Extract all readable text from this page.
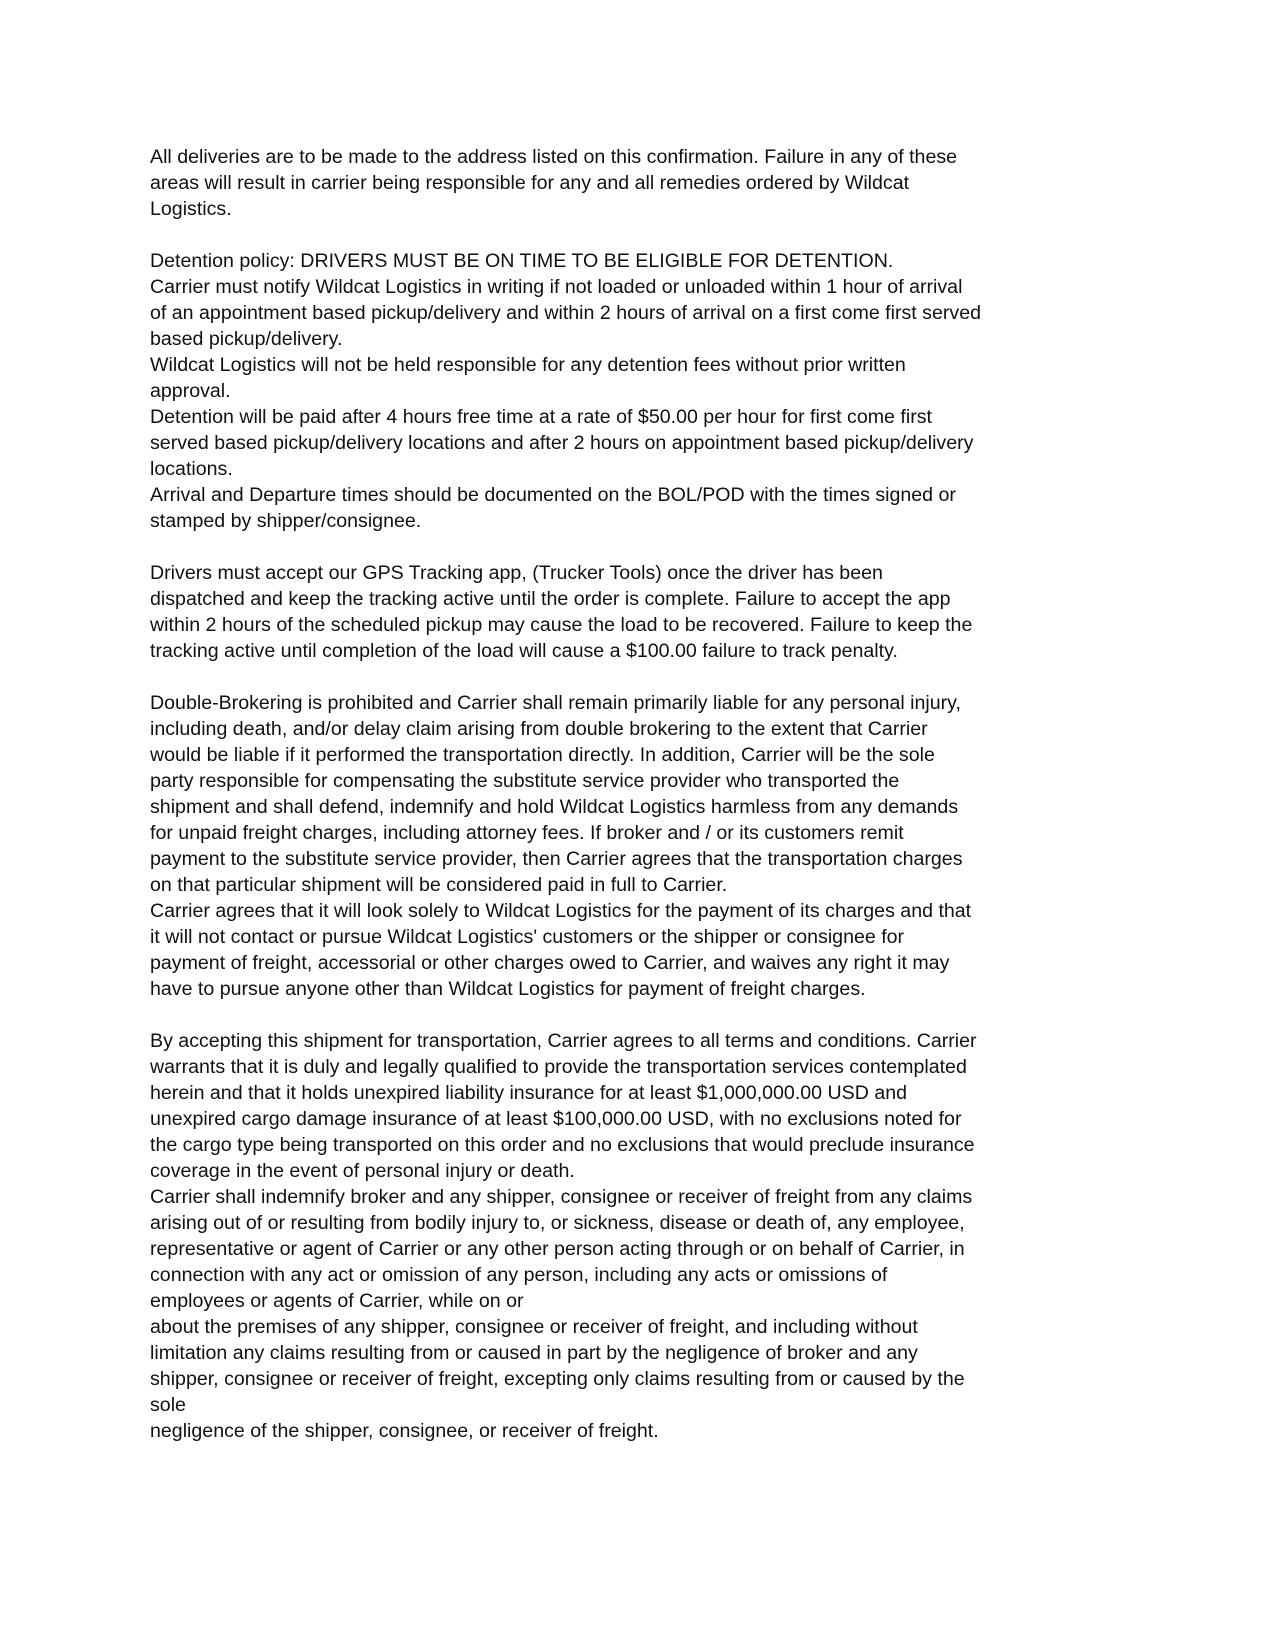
All deliveries are to be made to the address listed on this confirmation. Failure in any of these
areas will result in carrier being responsible for any and all remedies ordered by Wildcat
Logistics.
Detention policy: DRIVERS MUST BE ON TIME TO BE ELIGIBLE FOR DETENTION.
Carrier must notify Wildcat Logistics in writing if not loaded or unloaded within 1 hour of arrival
of an appointment based pickup/delivery and within 2 hours of arrival on a first come first served
based pickup/delivery.
Wildcat Logistics will not be held responsible for any detention fees without prior written
approval.
Detention will be paid after 4 hours free time at a rate of $50.00 per hour for first come first
served based pickup/delivery locations and after 2 hours on appointment based pickup/delivery
locations.
Arrival and Departure times should be documented on the BOL/POD with the times signed or
stamped by shipper/consignee.
Drivers must accept our GPS Tracking app, (Trucker Tools) once the driver has been
dispatched and keep the tracking active until the order is complete. Failure to accept the app
within 2 hours of the scheduled pickup may cause the load to be recovered. Failure to keep the
tracking active until completion of the load will cause a $100.00 failure to track penalty.
Double-Brokering is prohibited and Carrier shall remain primarily liable for any personal injury,
including death, and/or delay claim arising from double brokering to the extent that Carrier
would be liable if it performed the transportation directly. In addition, Carrier will be the sole
party responsible for compensating the substitute service provider who transported the
shipment and shall defend, indemnify and hold Wildcat Logistics harmless from any demands
for unpaid freight charges, including attorney fees. If broker and / or its customers remit
payment to the substitute service provider, then Carrier agrees that the transportation charges
on that particular shipment will be considered paid in full to Carrier.
Carrier agrees that it will look solely to Wildcat Logistics for the payment of its charges and that
it will not contact or pursue Wildcat Logistics' customers or the shipper or consignee for
payment of freight, accessorial or other charges owed to Carrier, and waives any right it may
have to pursue anyone other than Wildcat Logistics for payment of freight charges.
By accepting this shipment for transportation, Carrier agrees to all terms and conditions. Carrier
warrants that it is duly and legally qualified to provide the transportation services contemplated
herein and that it holds unexpired liability insurance for at least $1,000,000.00 USD and
unexpired cargo damage insurance of at least $100,000.00 USD, with no exclusions noted for
the cargo type being transported on this order and no exclusions that would preclude insurance
coverage in the event of personal injury or death.
Carrier shall indemnify broker and any shipper, consignee or receiver of freight from any claims
arising out of or resulting from bodily injury to, or sickness, disease or death of, any employee,
representative or agent of Carrier or any other person acting through or on behalf of Carrier, in
connection with any act or omission of any person, including any acts or omissions of
employees or agents of Carrier, while on or
about the premises of any shipper, consignee or receiver of freight, and including without
limitation any claims resulting from or caused in part by the negligence of broker and any
shipper, consignee or receiver of freight, excepting only claims resulting from or caused by the
sole
negligence of the shipper, consignee, or receiver of freight.
